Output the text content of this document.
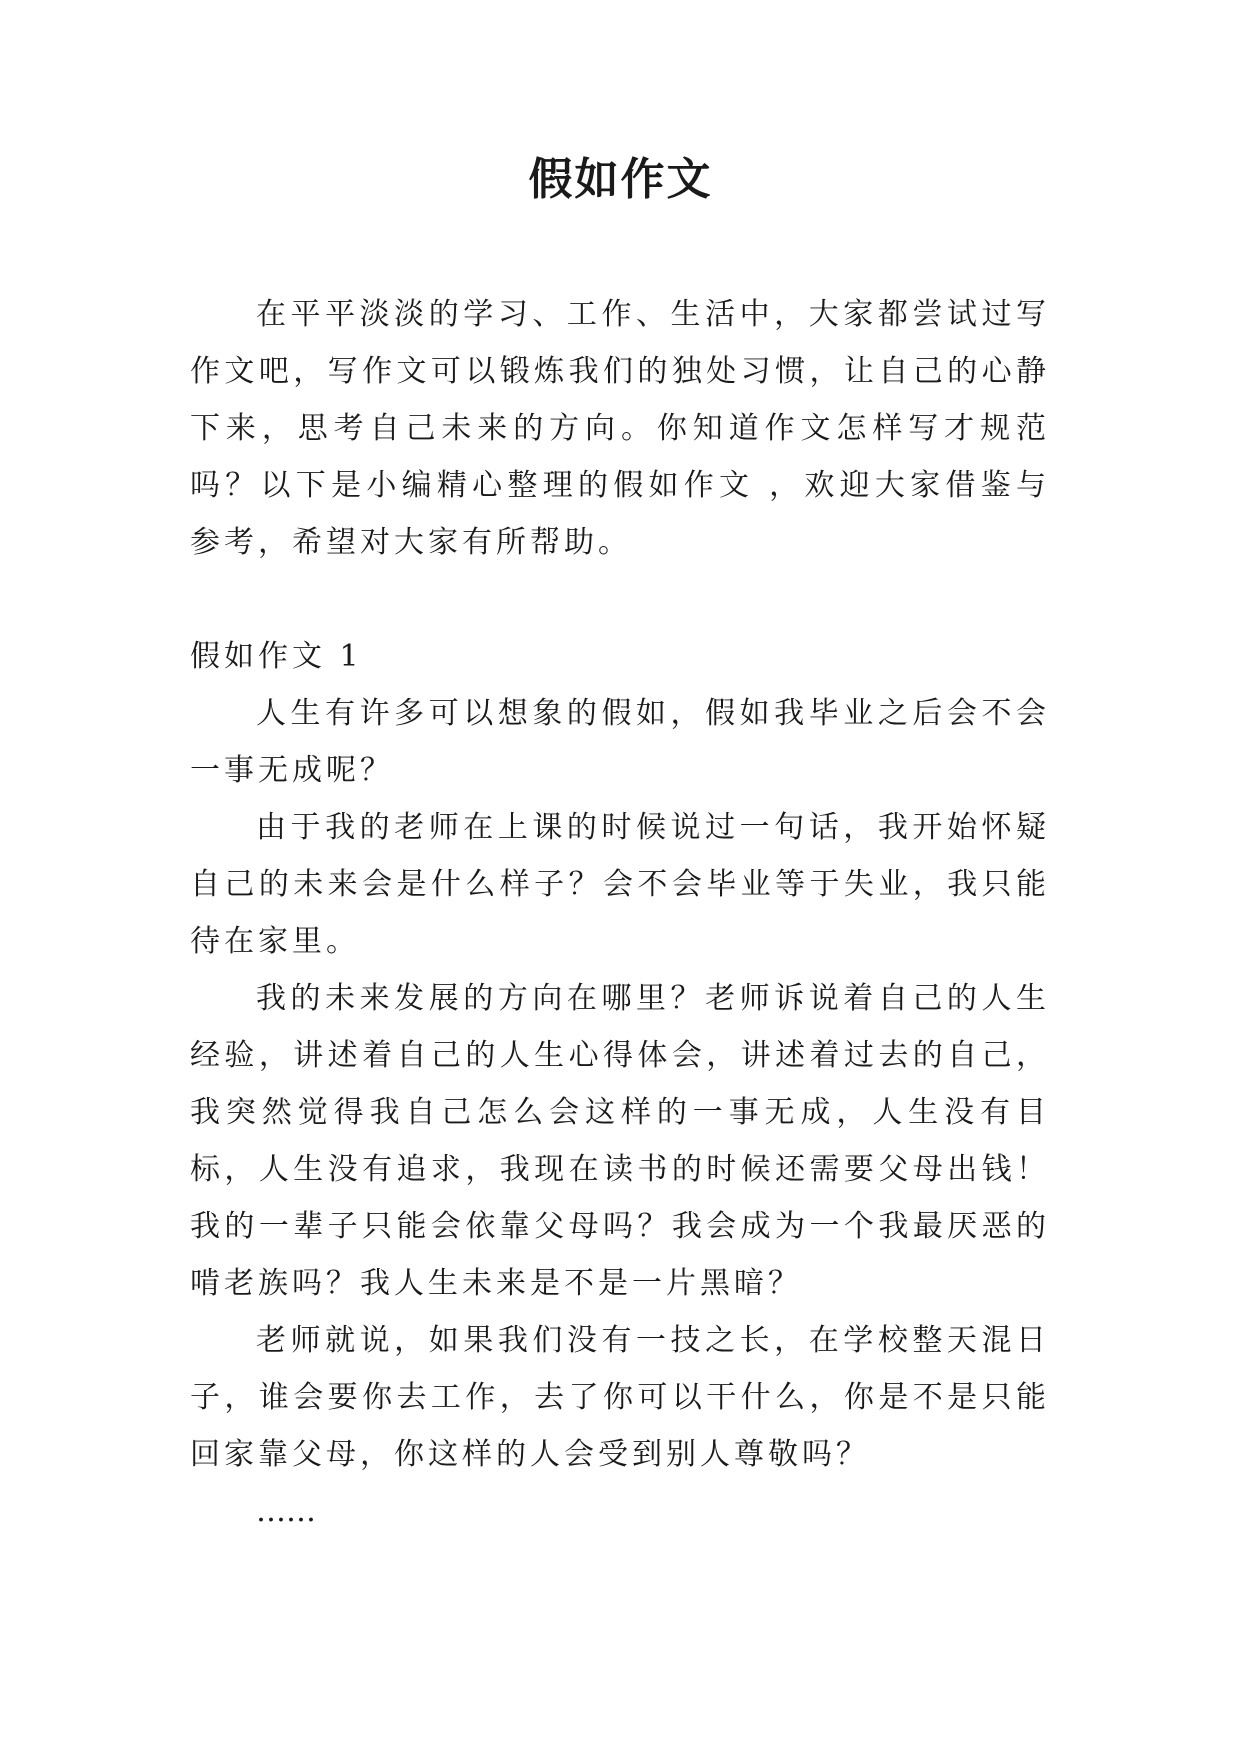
假如作文

在平平淡淡的学习、工作、生活中，大家都尝试过写作文吧，写作文可以锻炼我们的独处习惯，让自己的心静下来，思考自己未来的方向。你知道作文怎样写才规范吗？以下是小编精心整理的假如作文 ，欢迎大家借鉴与参考，希望对大家有所帮助。

假如作文 1

人生有许多可以想象的假如，假如我毕业之后会不会一事无成呢？

由于我的老师在上课的时候说过一句话，我开始怀疑自己的未来会是什么样子？会不会毕业等于失业，我只能待在家里。

我的未来发展的方向在哪里？老师诉说着自己的人生经验，讲述着自己的人生心得体会，讲述着过去的自己，我突然觉得我自己怎么会这样的一事无成，人生没有目标，人生没有追求，我现在读书的时候还需要父母出钱！我的一辈子只能会依靠父母吗？我会成为一个我最厌恶的啃老族吗？我人生未来是不是一片黑暗？

老师就说，如果我们没有一技之长，在学校整天混日子，谁会要你去工作，去了你可以干什么，你是不是只能回家靠父母，你这样的人会受到别人尊敬吗？

……
